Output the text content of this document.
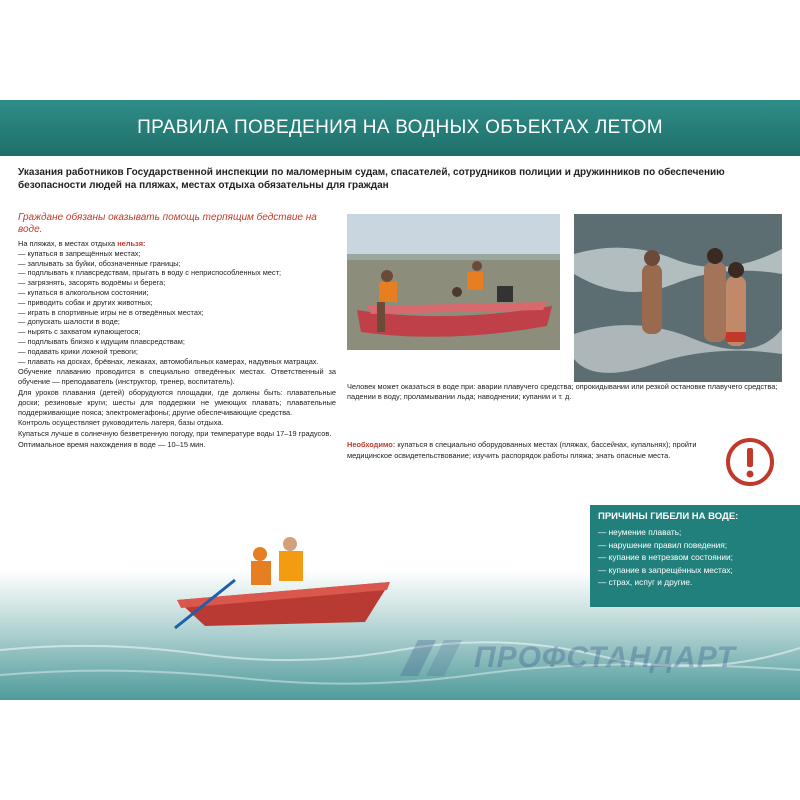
ПРАВИЛА ПОВЕДЕНИЯ НА ВОДНЫХ ОБЪЕКТАХ ЛЕТОМ
Указания работников Государственной инспекции по маломерным судам, спасателей, сотрудников полиции и дружинников по обеспечению безопасности людей на пляжах, местах отдыха обязательны для граждан
Граждане обязаны оказывать помощь терпящим бедствие на воде.

На пляжах, в местах отдыха нельзя:

— купаться в запрещённых местах;
— заплывать за буйки, обозначенные границы;
— подплывать к плавсредствам, прыгать в воду с неприспособленных мест;
— загрязнять, засорять водоёмы и берега;
— купаться в алкогольном состоянии;
— приводить собак и других животных;
— играть в спортивные игры не в отведённых местах;
— допускать шалости в воде;
— нырять с захватом купающегося;
— подплывать близко к идущим плавсредствам;
— подавать крики ложной тревоги;
— плавать на досках, брёвнах, лежаках, автомобильных камерах, надувных матрацах.

Обучение плаванию проводится в специально отведённых местах. Ответственный за обучение — преподаватель (инструктор, тренер, воспитатель).

Для уроков плавания (детей) оборудуются площадки, где должны быть: плавательные доски; резиновые круги; шесты для поддержки не умеющих плавать; плавательные поддерживающие пояса; электромегафоны; другие обеспечивающие средства.

Контроль осуществляет руководитель лагеря, базы отдыха.

Купаться лучше в солнечную безветренную погоду, при температуре воды 17–19 градусов.

Оптимальное время нахождения в воде — 10–15 мин.

Человек может оказаться в воде при: аварии плавучего средства; опрокидывании или резкой остановке плавучего средства; падении в воду; проламывании льда; наводнении; купании и т. д.
Необходимо: купаться в специально оборудованных местах (пляжах, бассейнах, купальнях); пройти медицинское освидетельствование; изучить распорядок работы пляжа; знать опасные места.
ПРИЧИНЫ ГИБЕЛИ НА ВОДЕ:
— неумение плавать;
— нарушение правил поведения;
— купание в нетрезвом состоянии;
— купание в запрещённых местах;
— страх, испуг и другие.
ПРОФСТАНДАРТ
